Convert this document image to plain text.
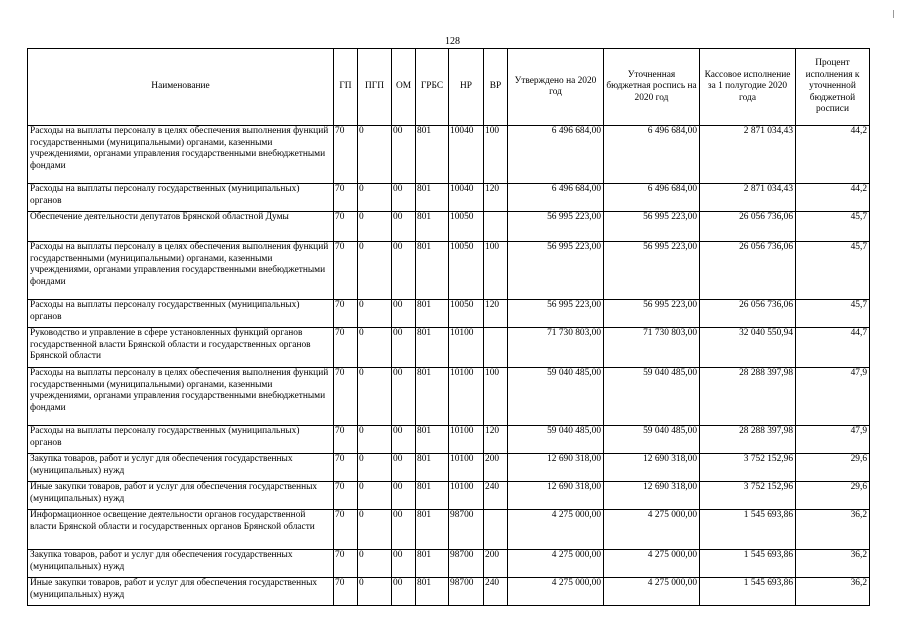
128
Наименование	ГП	ПГП	ОМ	ГРБС	НР	ВР	Утверждено на 2020 год	Уточненная бюджетная роспись на 2020 год	Кассовое исполнение за 1 полугодие 2020 года	Процент исполнения к уточненной бюджетной росписи
Расходы на выплаты персоналу в целях обеспечения выполнения функций государственными (муниципальными) органами, казенными учреждениями, органами управления государственными внебюджетными фондами	70	0	00	801	10040	100	6 496 684,00	6 496 684,00	2 871 034,43	44,2
Расходы на выплаты персоналу государственных (муниципальных) органов	70	0	00	801	10040	120	6 496 684,00	6 496 684,00	2 871 034,43	44,2
Обеспечение деятельности депутатов Брянской областной Думы	70	0	00	801	10050		56 995 223,00	56 995 223,00	26 056 736,06	45,7
Расходы на выплаты персоналу в целях обеспечения выполнения функций государственными (муниципальными) органами, казенными учреждениями, органами управления государственными внебюджетными фондами	70	0	00	801	10050	100	56 995 223,00	56 995 223,00	26 056 736,06	45,7
Расходы на выплаты персоналу государственных (муниципальных) органов	70	0	00	801	10050	120	56 995 223,00	56 995 223,00	26 056 736,06	45,7
Руководство и управление в сфере установленных функций органов государственной власти Брянской области и государственных органов Брянской области	70	0	00	801	10100		71 730 803,00	71 730 803,00	32 040 550,94	44,7
Расходы на выплаты персоналу в целях обеспечения выполнения функций государственными (муниципальными) органами, казенными учреждениями, органами управления государственными внебюджетными фондами	70	0	00	801	10100	100	59 040 485,00	59 040 485,00	28 288 397,98	47,9
Расходы на выплаты персоналу государственных (муниципальных) органов	70	0	00	801	10100	120	59 040 485,00	59 040 485,00	28 288 397,98	47,9
Закупка товаров, работ и услуг для обеспечения государственных (муниципальных) нужд	70	0	00	801	10100	200	12 690 318,00	12 690 318,00	3 752 152,96	29,6
Иные закупки товаров, работ и услуг для обеспечения государственных (муниципальных) нужд	70	0	00	801	10100	240	12 690 318,00	12 690 318,00	3 752 152,96	29,6
Информационное освещение деятельности органов государственной власти Брянской области и государственных органов Брянской области	70	0	00	801	98700		4 275 000,00	4 275 000,00	1 545 693,86	36,2
Закупка товаров, работ и услуг для обеспечения государственных (муниципальных) нужд	70	0	00	801	98700	200	4 275 000,00	4 275 000,00	1 545 693,86	36,2
Иные закупки товаров, работ и услуг для обеспечения государственных (муниципальных) нужд	70	0	00	801	98700	240	4 275 000,00	4 275 000,00	1 545 693,86	36,2
